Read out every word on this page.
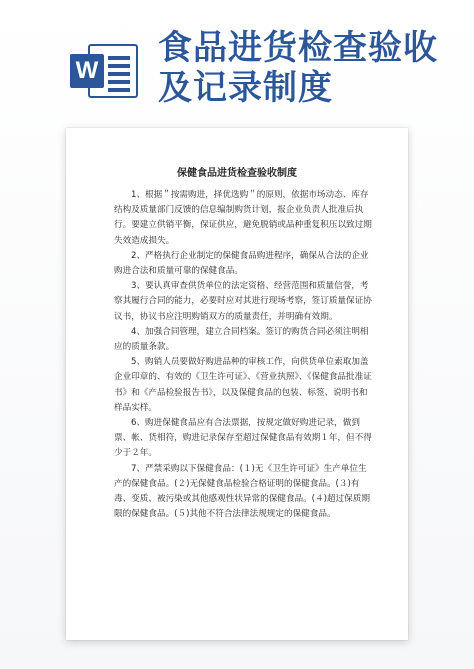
W
食品进货检查验收
及记录制度
保健食品进货检查验收制度

1、根据＂按需购进，择优选购＂的原则，依据市场动态、库存结构及质量部门反馈的信息编制购货计划，报企业负责人批准后执行。要建立供销平衡，保证供应，避免脱销或品种重复积压以致过期失效造成损失。

2、严格执行企业制定的保健食品购进程序，确保从合法的企业购进合法和质量可靠的保健食品。

3、要认真审查供货单位的法定资格、经营范围和质量信誉，考察其履行合同的能力，必要时应对其进行现场考察，签订质量保证协议书，协议书应注明购销双方的质量责任，并明确有效期。

4、加强合同管理，建立合同档案。签订的购货合同必须注明相应的质量条款。

5、购销人员要做好购进品种的审核工作，向供货单位索取加盖企业印章的、有效的《卫生许可证》、《营业执照》、《保健食品批准证书》和《产品检验报告书》，以及保健食品的包装、标签、说明书和样品实样。

6、购进保健食品应有合法票据，按规定做好购进记录，做到票、帐、货相符，购进记录保存至超过保健食品有效期１年，但不得少于２年。

7、严禁采购以下保健食品：(１)无《卫生许可证》生产单位生产的保健食品。(２)无保健食品检验合格证明的保健食品。(３)有毒、变质、被污染或其他感观性状异常的保健食品。(４)超过保质期限的保健食品。(５)其他不符合法律法规规定的保健食品。
